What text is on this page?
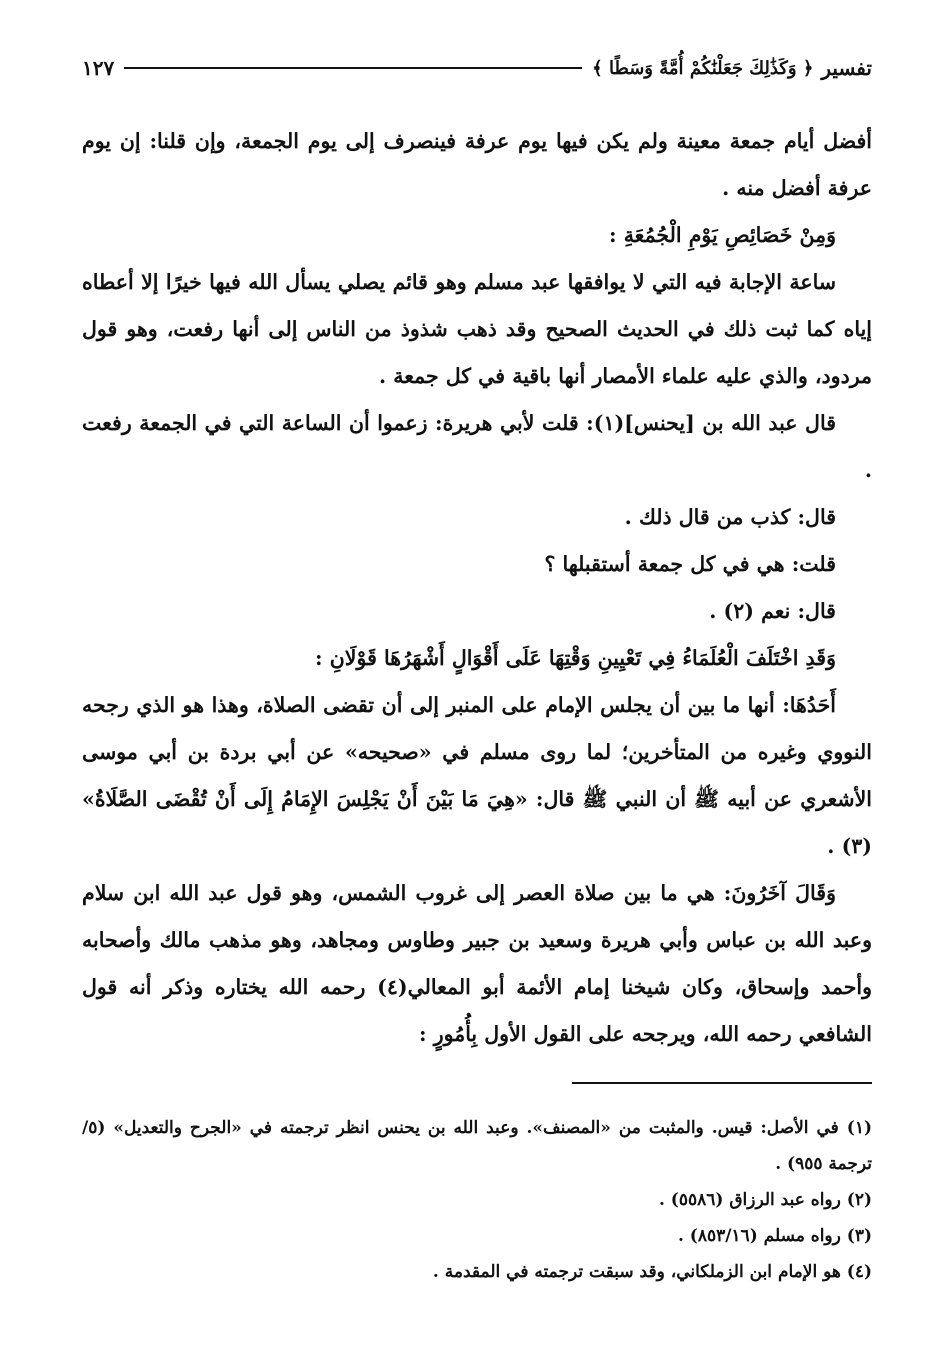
تفسير
﴿ وَكَذَٰلِكَ جَعَلْنَٰكُمْ أُمَّةً وَسَطًا ﴾
١٢٧

أفضل أيام جمعة معينة ولم يكن فيها يوم عرفة فينصرف إلى يوم الجمعة، وإن قلنا: إن يوم عرفة أفضل منه .

وَمِنْ خَصَائِصِ يَوْمِ الْجُمُعَةِ :

ساعة الإجابة فيه التي لا يوافقها عبد مسلم وهو قائم يصلي يسأل الله فيها خيرًا إلا أعطاه إياه كما ثبت ذلك في الحديث الصحيح وقد ذهب شذوذ من الناس إلى أنها رفعت، وهو قول مردود، والذي عليه علماء الأمصار أنها باقية في كل جمعة .

قال عبد الله بن [يحنس](١): قلت لأبي هريرة: زعموا أن الساعة التي في الجمعة رفعت .

قال: كذب من قال ذلك .

قلت: هي في كل جمعة أستقبلها ؟

قال: نعم (٢) .

وَقَدِ اخْتَلَفَ الْعُلَمَاءُ فِي تَعْيِينِ وَقْتِهَا عَلَى أَقْوَالٍ أَشْهَرُهَا قَوْلَانِ :

أَحَدُهَا: أنها ما بين أن يجلس الإمام على المنبر إلى أن تقضى الصلاة، وهذا هو الذي رجحه النووي وغيره من المتأخرين؛ لما روى مسلم في «صحيحه» عن أبي بردة بن أبي موسى الأشعري عن أبيه ﷺ أن النبي ﷺ قال: «هِيَ مَا بَيْنَ أَنْ يَجْلِسَ الإِمَامُ إِلَى أَنْ تُقْضَى الصَّلَاةُ» (٣) .

وَقَالَ آخَرُونَ: هي ما بين صلاة العصر إلى غروب الشمس، وهو قول عبد الله ابن سلام وعبد الله بن عباس وأبي هريرة وسعيد بن جبير وطاوس ومجاهد، وهو مذهب مالك وأصحابه وأحمد وإسحاق، وكان شيخنا إمام الأئمة أبو المعالي(٤) رحمه الله يختاره وذكر أنه قول الشافعي رحمه الله، ويرجحه على القول الأول بِأُمُورٍ :

(١) في الأصل: قيس. والمثبت من «المصنف». وعبد الله بن يحنس انظر ترجمته في «الجرح والتعديل» (٥/ترجمة ٩٥٥) .

(٢) رواه عبد الرزاق (٥٥٨٦) .

(٣) رواه مسلم (٨٥٣/١٦) .

(٤) هو الإمام ابن الزملكاني، وقد سبقت ترجمته في المقدمة .
